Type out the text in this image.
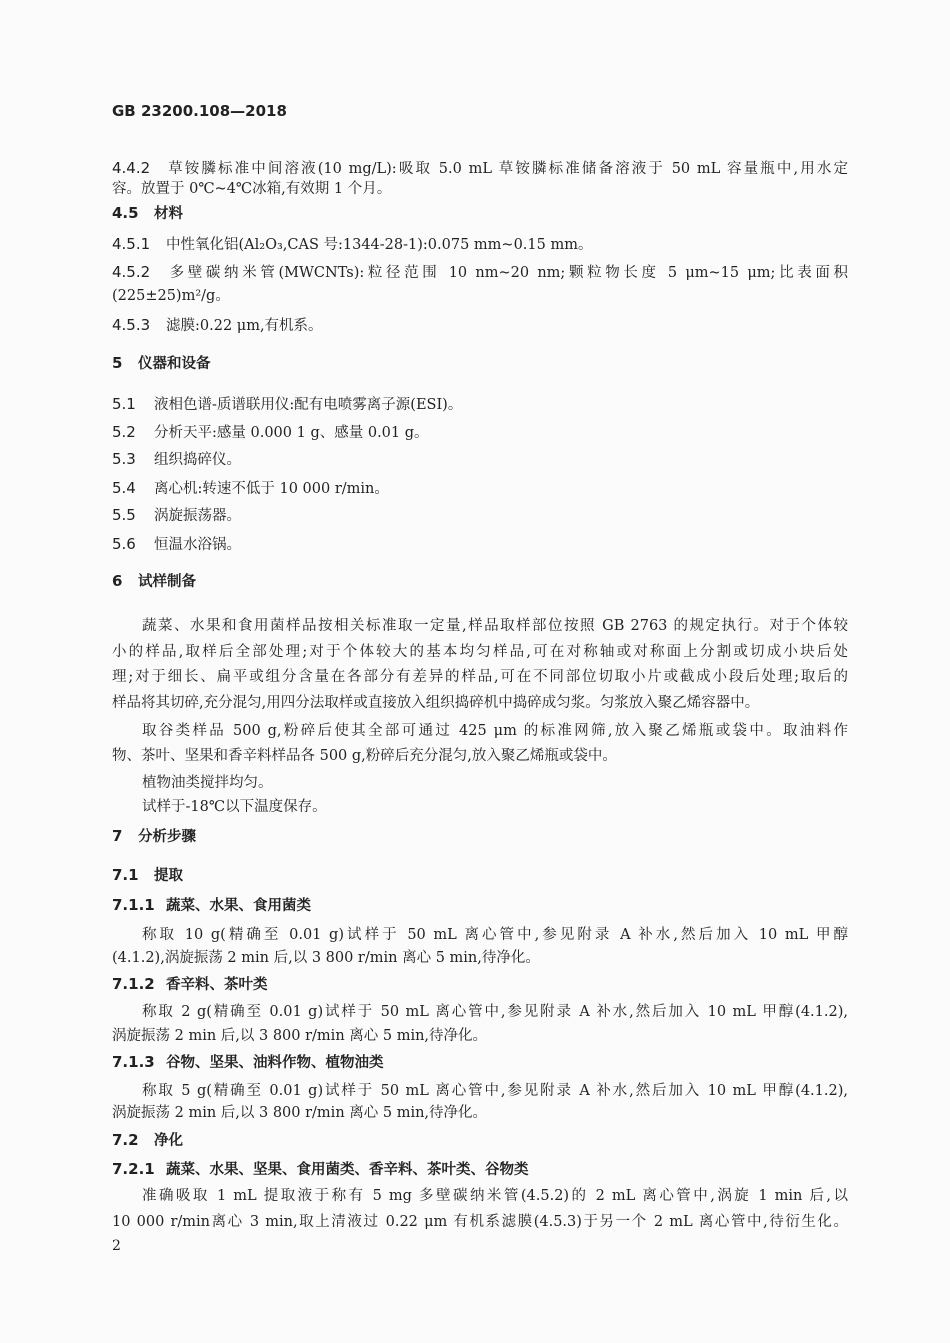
GB 23200.108—2018
4.4.2 草铵膦标准中间溶液(10 mg/L):吸取 5.0 mL 草铵膦标准储备溶液于 50 mL 容量瓶中,用水定
容。放置于 0℃~4℃冰箱,有效期 1 个月。
4.5 材料
4.5.1 中性氧化铝(Al₂O₃,CAS 号:1344-28-1):0.075 mm~0.15 mm。
4.5.2 多壁碳纳米管(MWCNTs):粒径范围 10 nm~20 nm;颗粒物长度 5 μm~15 μm;比表面积
(225±25)m²/g。
4.5.3 滤膜:0.22 μm,有机系。
5 仪器和设备
5.1 液相色谱-质谱联用仪:配有电喷雾离子源(ESI)。
5.2 分析天平:感量 0.000 1 g、感量 0.01 g。
5.3 组织捣碎仪。
5.4 离心机:转速不低于 10 000 r/min。
5.5 涡旋振荡器。
5.6 恒温水浴锅。
6 试样制备
蔬菜、水果和食用菌样品按相关标准取一定量,样品取样部位按照 GB 2763 的规定执行。对于个体较
小的样品,取样后全部处理;对于个体较大的基本均匀样品,可在对称轴或对称面上分割或切成小块后处
理;对于细长、扁平或组分含量在各部分有差异的样品,可在不同部位切取小片或截成小段后处理;取后的
样品将其切碎,充分混匀,用四分法取样或直接放入组织捣碎机中捣碎成匀浆。匀浆放入聚乙烯容器中。
取谷类样品 500 g,粉碎后使其全部可通过 425 μm 的标准网筛,放入聚乙烯瓶或袋中。取油料作
物、茶叶、坚果和香辛料样品各 500 g,粉碎后充分混匀,放入聚乙烯瓶或袋中。
植物油类搅拌均匀。
试样于-18℃以下温度保存。
7 分析步骤
7.1 提取
7.1.1 蔬菜、水果、食用菌类
称取 10 g(精确至 0.01 g)试样于 50 mL 离心管中,参见附录 A 补水,然后加入 10 mL 甲醇
(4.1.2),涡旋振荡 2 min 后,以 3 800 r/min 离心 5 min,待净化。
7.1.2 香辛料、茶叶类
称取 2 g(精确至 0.01 g)试样于 50 mL 离心管中,参见附录 A 补水,然后加入 10 mL 甲醇(4.1.2),
涡旋振荡 2 min 后,以 3 800 r/min 离心 5 min,待净化。
7.1.3 谷物、坚果、油料作物、植物油类
称取 5 g(精确至 0.01 g)试样于 50 mL 离心管中,参见附录 A 补水,然后加入 10 mL 甲醇(4.1.2),
涡旋振荡 2 min 后,以 3 800 r/min 离心 5 min,待净化。
7.2 净化
7.2.1 蔬菜、水果、坚果、食用菌类、香辛料、茶叶类、谷物类
准确吸取 1 mL 提取液于称有 5 mg 多壁碳纳米管(4.5.2)的 2 mL 离心管中,涡旋 1 min 后,以
10 000 r/min离心 3 min,取上清液过 0.22 μm 有机系滤膜(4.5.3)于另一个 2 mL 离心管中,待衍生化。
2
